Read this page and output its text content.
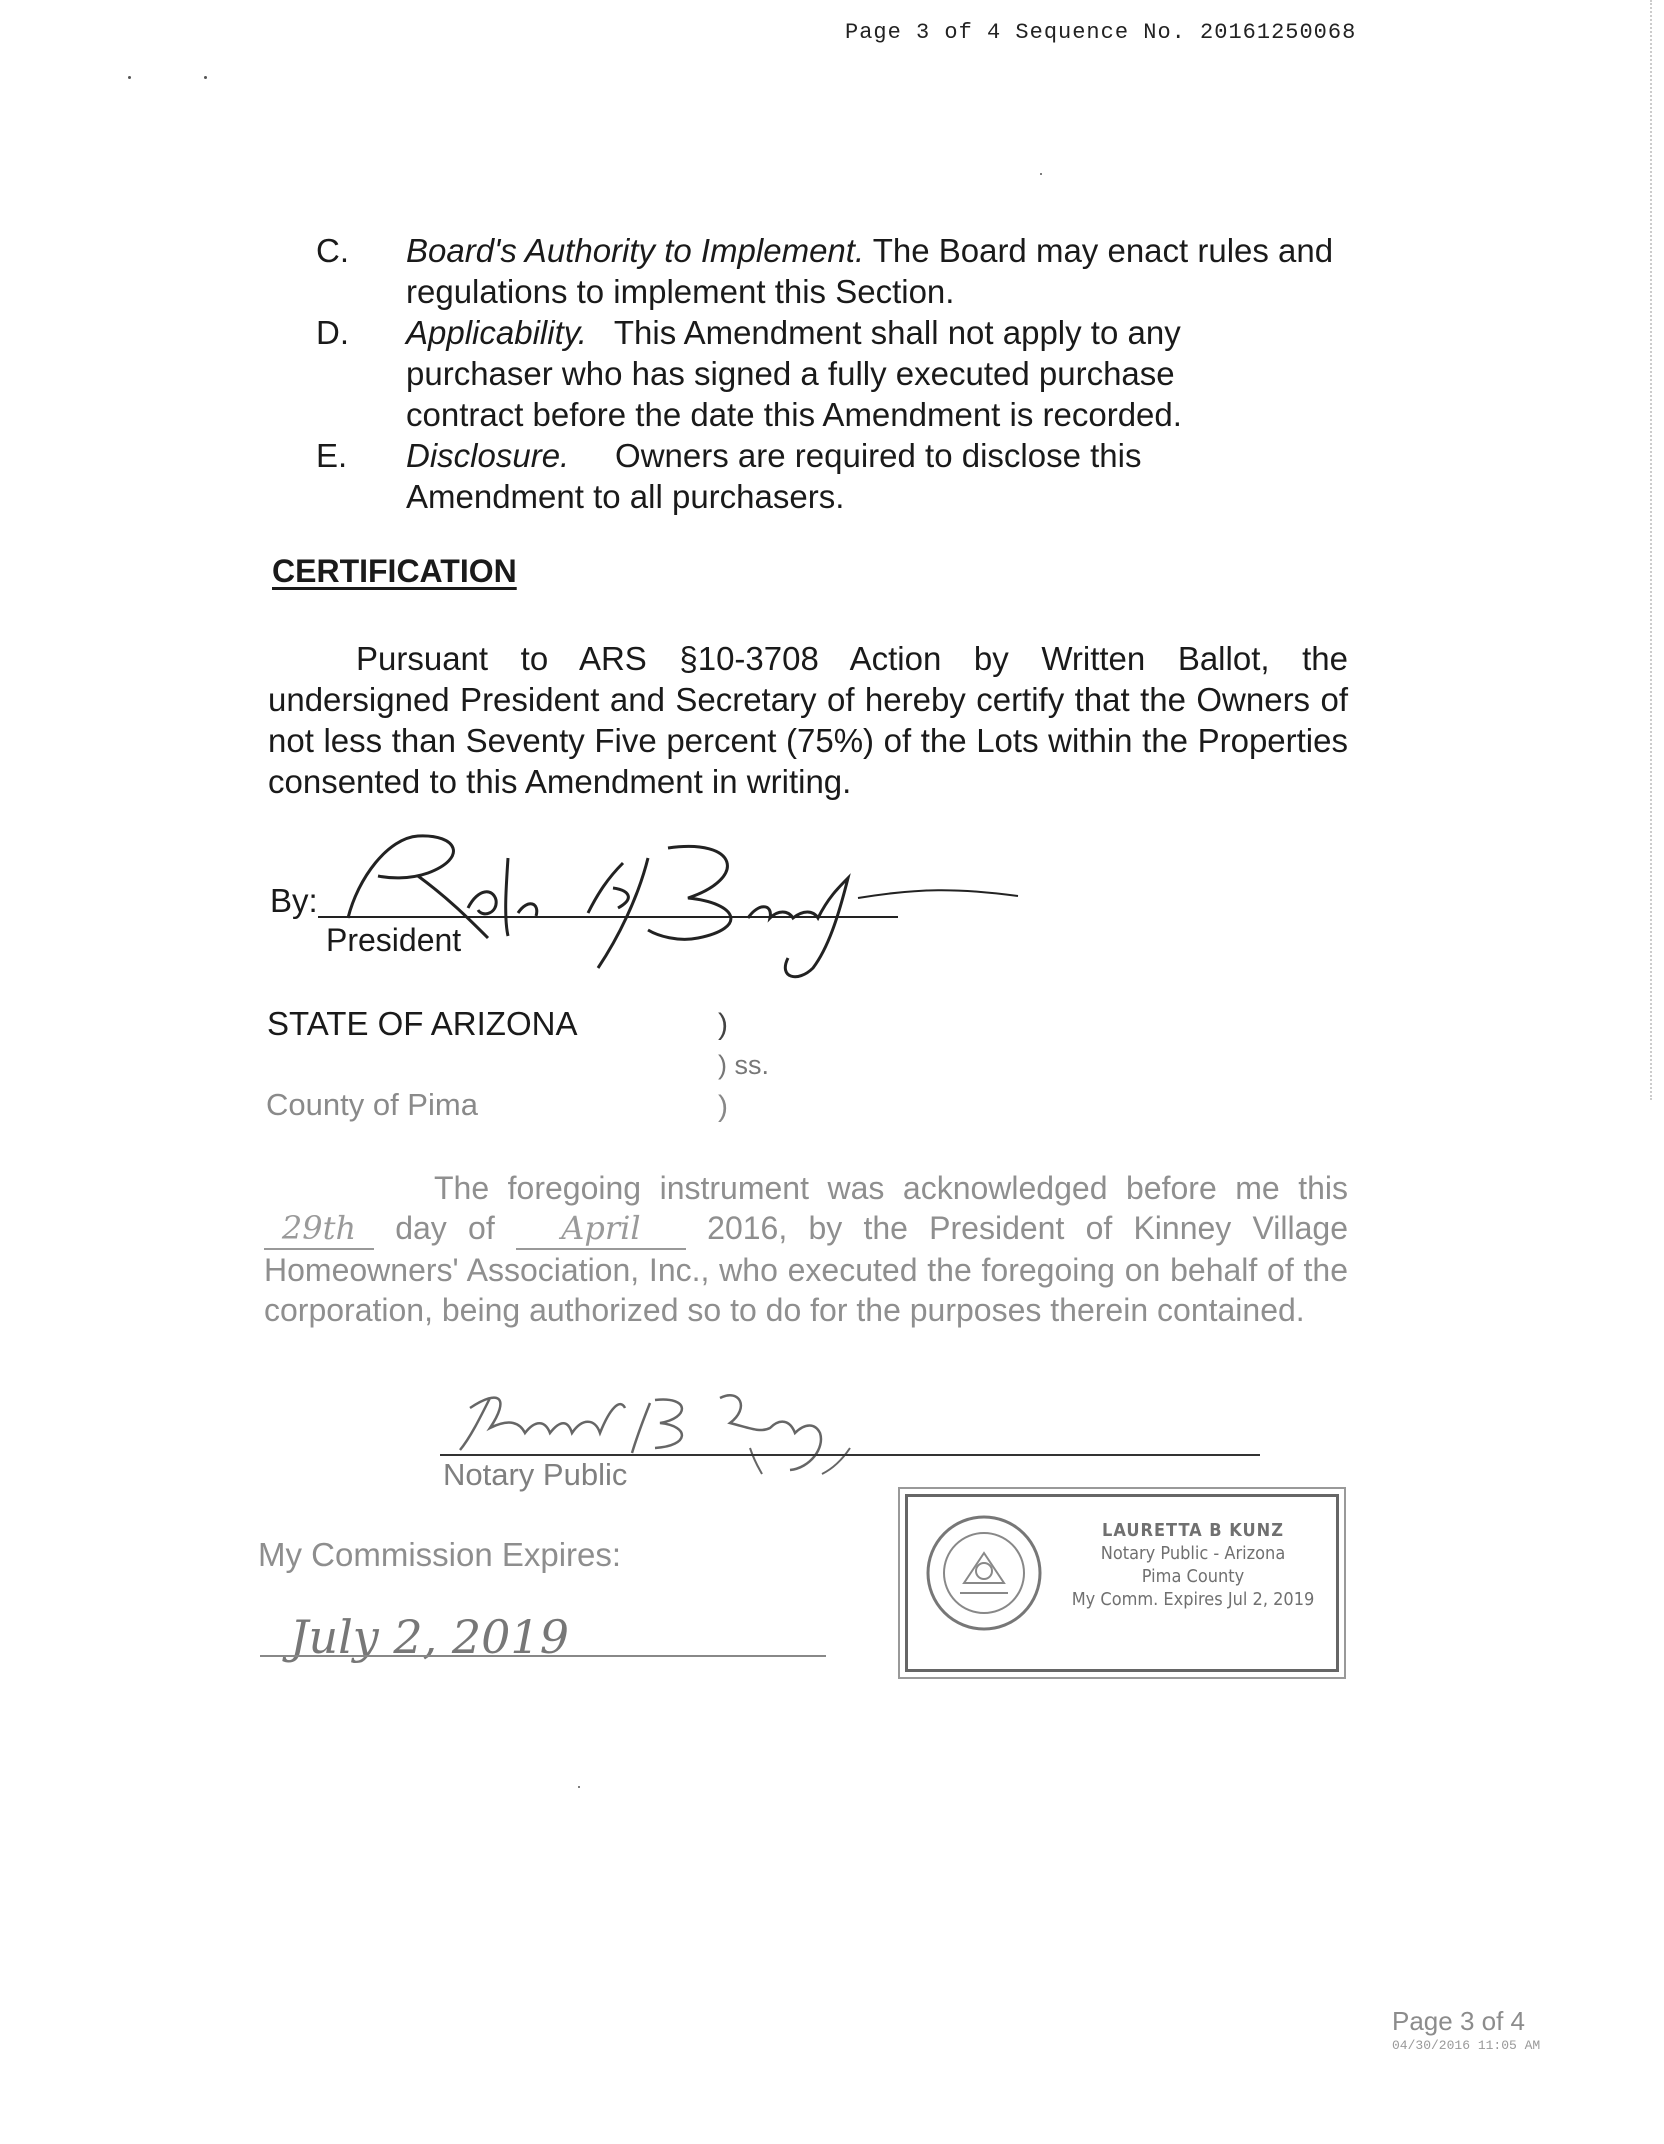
Page 3 of 4 Sequence No. 20161250068
C. Board's Authority to Implement. The Board may enact rules and regulations to implement this Section.
D. Applicability.   This Amendment shall not apply to any purchaser who has signed a fully executed purchase contract before the date this Amendment is recorded.
E. Disclosure.     Owners are required to disclose this Amendment to all purchasers.
CERTIFICATION
Pursuant to ARS §10-3708 Action by Written Ballot, the undersigned President and Secretary of hereby certify that the Owners of not less than Seventy Five percent (75%) of the Lots within the Properties consented to this Amendment in writing.
By:
President
STATE OF ARIZONA	)
) ss.
)
County of Pima
The foregoing instrument was acknowledged before me this 29th day of April 2016, by the President of Kinney Village Homeowners' Association, Inc., who executed the foregoing on behalf of the corporation, being authorized so to do for the purposes therein contained.
Notary Public
My Commission Expires:
July 2, 2019
LAURETTA B KUNZ
Notary Public - Arizona
Pima County
My Comm. Expires Jul 2, 2019
Page 3 of 4
04/30/2016 11:05 AM
